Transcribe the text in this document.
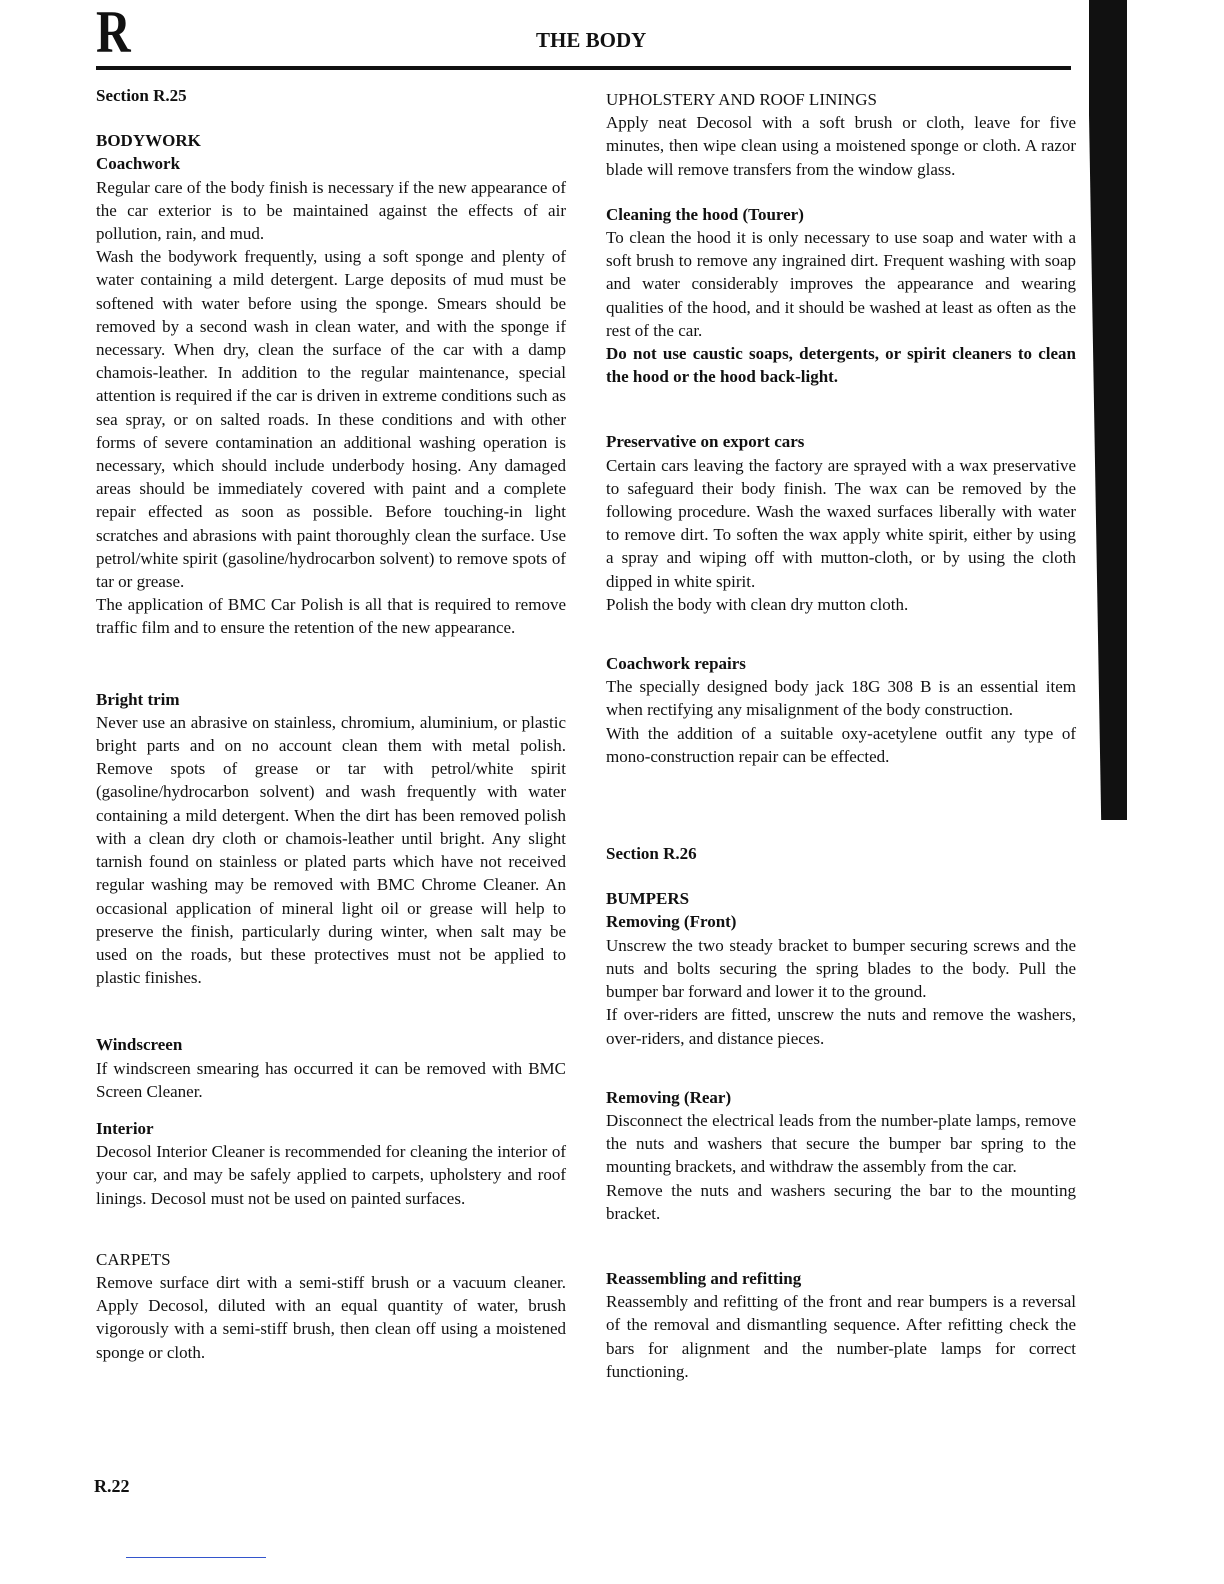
R	THE BODY

Section R.25

BODYWORK

Coachwork

Regular care of the body finish is necessary if the new appearance of the car exterior is to be maintained against the effects of air pollution, rain, and mud.

Wash the bodywork frequently, using a soft sponge and plenty of water containing a mild detergent. Large deposits of mud must be softened with water before using the sponge. Smears should be removed by a second wash in clean water, and with the sponge if necessary. When dry, clean the surface of the car with a damp chamois-leather. In addition to the regular maintenance, special attention is required if the car is driven in extreme conditions such as sea spray, or on salted roads. In these conditions and with other forms of severe contamination an additional washing operation is necessary, which should include underbody hosing. Any damaged areas should be immediately covered with paint and a complete repair effected as soon as possible. Before touching-in light scratches and abrasions with paint thoroughly clean the surface. Use petrol/white spirit (gasoline/hydrocarbon solvent) to remove spots of tar or grease.

The application of BMC Car Polish is all that is required to remove traffic film and to ensure the retention of the new appearance.

Bright trim

Never use an abrasive on stainless, chromium, aluminium, or plastic bright parts and on no account clean them with metal polish. Remove spots of grease or tar with petrol/white spirit (gasoline/hydrocarbon solvent) and wash frequently with water containing a mild detergent. When the dirt has been removed polish with a clean dry cloth or chamois-leather until bright. Any slight tarnish found on stainless or plated parts which have not received regular washing may be removed with BMC Chrome Cleaner. An occasional application of mineral light oil or grease will help to preserve the finish, particularly during winter, when salt may be used on the roads, but these protectives must not be applied to plastic finishes.

Windscreen

If windscreen smearing has occurred it can be removed with BMC Screen Cleaner.

Interior

Decosol Interior Cleaner is recommended for cleaning the interior of your car, and may be safely applied to carpets, upholstery and roof linings. Decosol must not be used on painted surfaces.

CARPETS

Remove surface dirt with a semi-stiff brush or a vacuum cleaner. Apply Decosol, diluted with an equal quantity of water, brush vigorously with a semi-stiff brush, then clean off using a moistened sponge or cloth.

UPHOLSTERY AND ROOF LININGS

Apply neat Decosol with a soft brush or cloth, leave for five minutes, then wipe clean using a moistened sponge or cloth. A razor blade will remove transfers from the window glass.

Cleaning the hood (Tourer)

To clean the hood it is only necessary to use soap and water with a soft brush to remove any ingrained dirt. Frequent washing with soap and water considerably improves the appearance and wearing qualities of the hood, and it should be washed at least as often as the rest of the car.

Do not use caustic soaps, detergents, or spirit cleaners to clean the hood or the hood back-light.

Preservative on export cars

Certain cars leaving the factory are sprayed with a wax preservative to safeguard their body finish. The wax can be removed by the following procedure. Wash the waxed surfaces liberally with water to remove dirt. To soften the wax apply white spirit, either by using a spray and wiping off with mutton-cloth, or by using the cloth dipped in white spirit.

Polish the body with clean dry mutton cloth.

Coachwork repairs

The specially designed body jack 18G 308 B is an essential item when rectifying any misalignment of the body construction.

With the addition of a suitable oxy-acetylene outfit any type of mono-construction repair can be effected.

Section R.26

BUMPERS

Removing (Front)

Unscrew the two steady bracket to bumper securing screws and the nuts and bolts securing the spring blades to the body. Pull the bumper bar forward and lower it to the ground.

If over-riders are fitted, unscrew the nuts and remove the washers, over-riders, and distance pieces.

Removing (Rear)

Disconnect the electrical leads from the number-plate lamps, remove the nuts and washers that secure the bumper bar spring to the mounting brackets, and withdraw the assembly from the car.

Remove the nuts and washers securing the bar to the mounting bracket.

Reassembling and refitting

Reassembly and refitting of the front and rear bumpers is a reversal of the removal and dismantling sequence. After refitting check the bars for alignment and the number-plate lamps for correct functioning.

R.22
